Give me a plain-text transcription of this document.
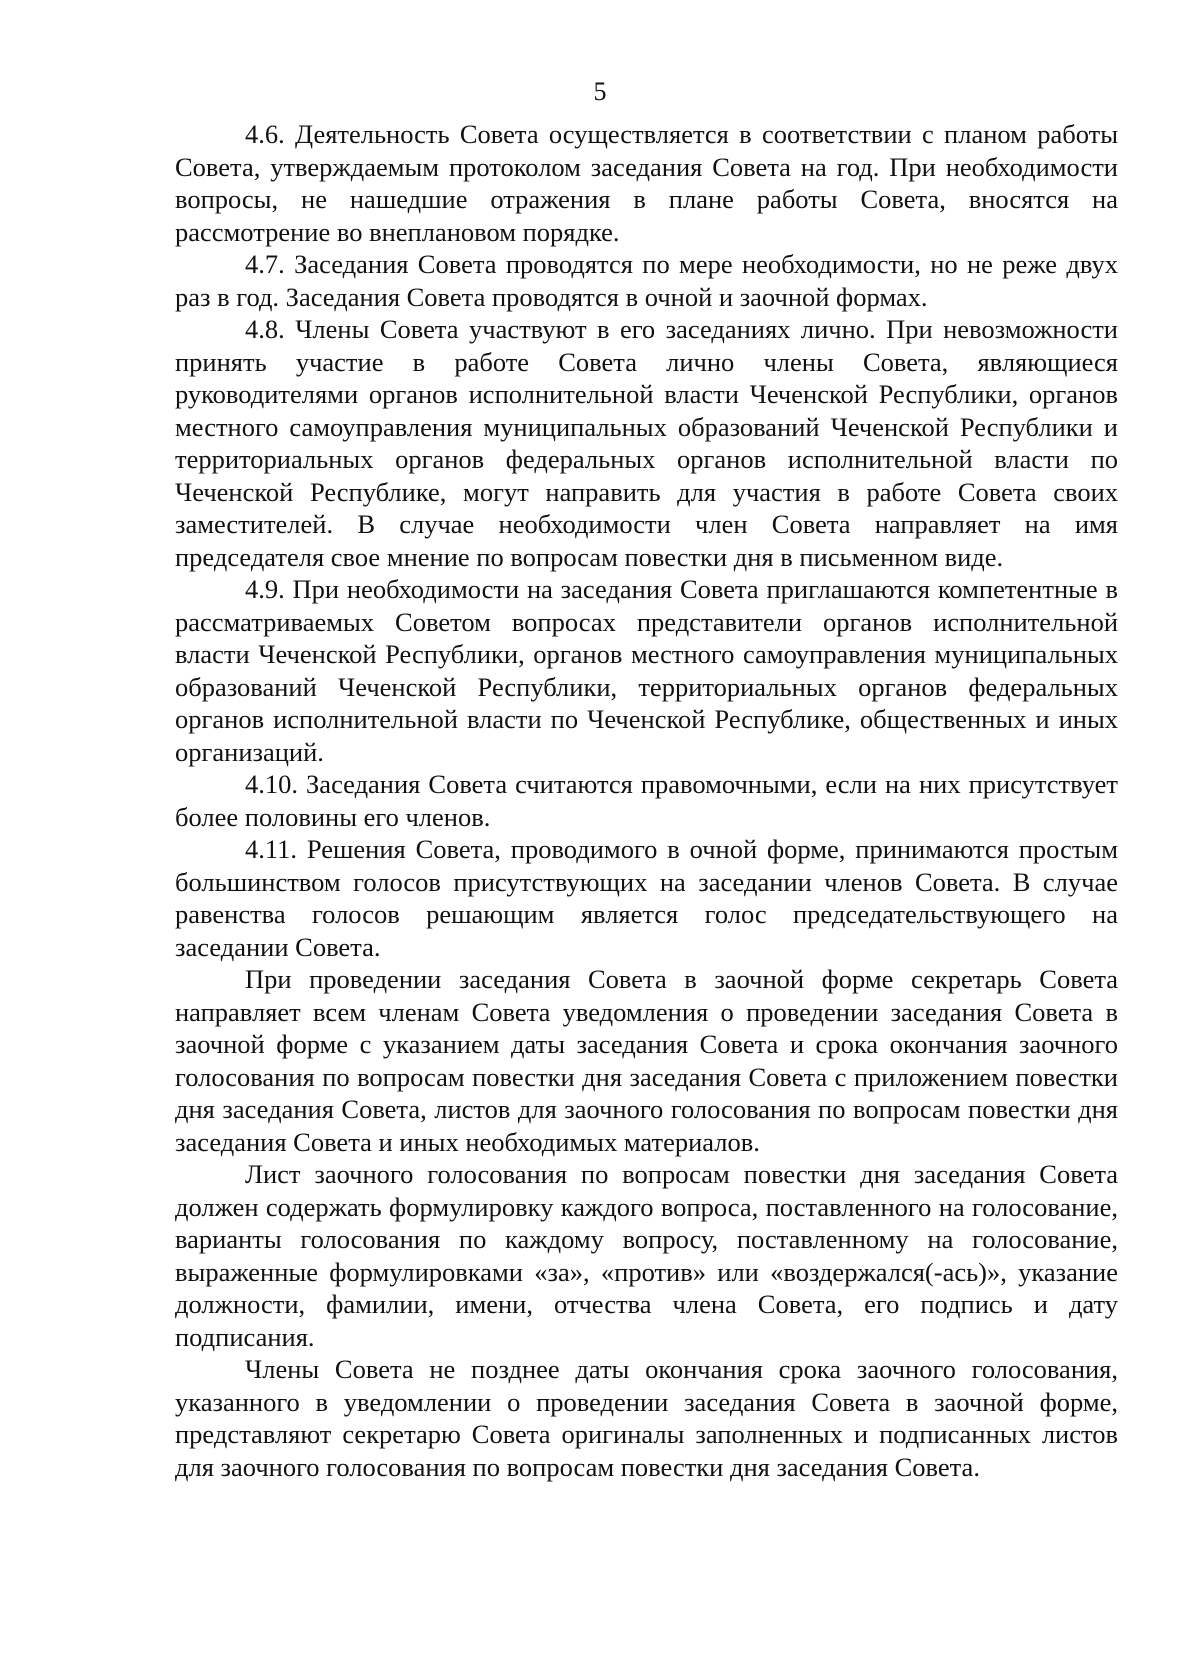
5

4.6. Деятельность Совета осуществляется в соответствии с планом работы Совета, утверждаемым протоколом заседания Совета на год. При необходимости вопросы, не нашедшие отражения в плане работы Совета, вносятся на рассмотрение во внеплановом порядке.

4.7. Заседания Совета проводятся по мере необходимости, но не реже двух раз в год. Заседания Совета проводятся в очной и заочной формах.

4.8. Члены Совета участвуют в его заседаниях лично. При невозможности принять участие в работе Совета лично члены Совета, являющиеся руководителями органов исполнительной власти Чеченской Республики, органов местного самоуправления муниципальных образований Чеченской Республики и территориальных органов федеральных органов исполнительной власти по Чеченской Республике, могут направить для участия в работе Совета своих заместителей. В случае необходимости член Совета направляет на имя председателя свое мнение по вопросам повестки дня в письменном виде.

4.9. При необходимости на заседания Совета приглашаются компетентные в рассматриваемых Советом вопросах представители органов исполнительной власти Чеченской Республики, органов местного самоуправления муниципальных образований Чеченской Республики, территориальных органов федеральных органов исполнительной власти по Чеченской Республике, общественных и иных организаций.

4.10. Заседания Совета считаются правомочными, если на них присутствует более половины его членов.

4.11. Решения Совета, проводимого в очной форме, принимаются простым большинством голосов присутствующих на заседании членов Совета. В случае равенства голосов решающим является голос председательствующего на заседании Совета.

При проведении заседания Совета в заочной форме секретарь Совета направляет всем членам Совета уведомления о проведении заседания Совета в заочной форме с указанием даты заседания Совета и срока окончания заочного голосования по вопросам повестки дня заседания Совета с приложением повестки дня заседания Совета, листов для заочного голосования по вопросам повестки дня заседания Совета и иных необходимых материалов.

Лист заочного голосования по вопросам повестки дня заседания Совета должен содержать формулировку каждого вопроса, поставленного на голосование, варианты голосования по каждому вопросу, поставленному на голосование, выраженные формулировками «за», «против» или «воздержался(-ась)», указание должности, фамилии, имени, отчества члена Совета, его подпись и дату подписания.

Члены Совета не позднее даты окончания срока заочного голосования, указанного в уведомлении о проведении заседания Совета в заочной форме, представляют секретарю Совета оригиналы заполненных и подписанных листов для заочного голосования по вопросам повестки дня заседания Совета.
